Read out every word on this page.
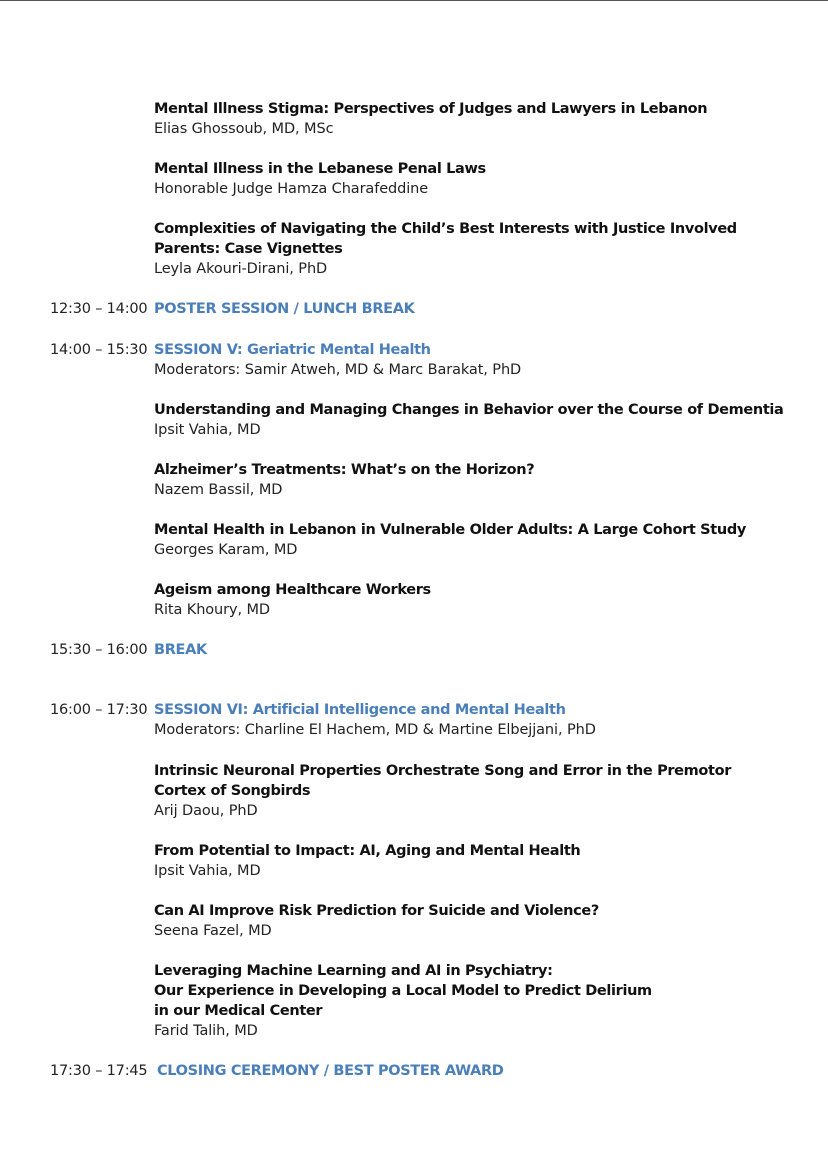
Mental Illness Stigma: Perspectives of Judges and Lawyers in Lebanon
Elias Ghossoub, MD, MSc
Mental Illness in the Lebanese Penal Laws
Honorable Judge Hamza Charafeddine
Complexities of Navigating the Child’s Best Interests with Justice Involved
Parents: Case Vignettes
Leyla Akouri-Dirani, PhD
12:30 – 14:00 POSTER SESSION / LUNCH BREAK
14:00 – 15:30 SESSION V: Geriatric Mental Health
Moderators: Samir Atweh, MD & Marc Barakat, PhD
Understanding and Managing Changes in Behavior over the Course of Dementia
Ipsit Vahia, MD
Alzheimer’s Treatments: What’s on the Horizon?
Nazem Bassil, MD
Mental Health in Lebanon in Vulnerable Older Adults: A Large Cohort Study
Georges Karam, MD
Ageism among Healthcare Workers
Rita Khoury, MD
15:30 – 16:00 BREAK
16:00 – 17:30 SESSION VI: Artificial Intelligence and Mental Health
Moderators: Charline El Hachem, MD & Martine Elbejjani, PhD
Intrinsic Neuronal Properties Orchestrate Song and Error in the Premotor
Cortex of Songbirds
Arij Daou, PhD
From Potential to Impact: AI, Aging and Mental Health
Ipsit Vahia, MD
Can AI Improve Risk Prediction for Suicide and Violence?
Seena Fazel, MD
Leveraging Machine Learning and AI in Psychiatry:
Our Experience in Developing a Local Model to Predict Delirium
in our Medical Center
Farid Talih, MD
17:30 – 17:45 CLOSING CEREMONY / BEST POSTER AWARD
